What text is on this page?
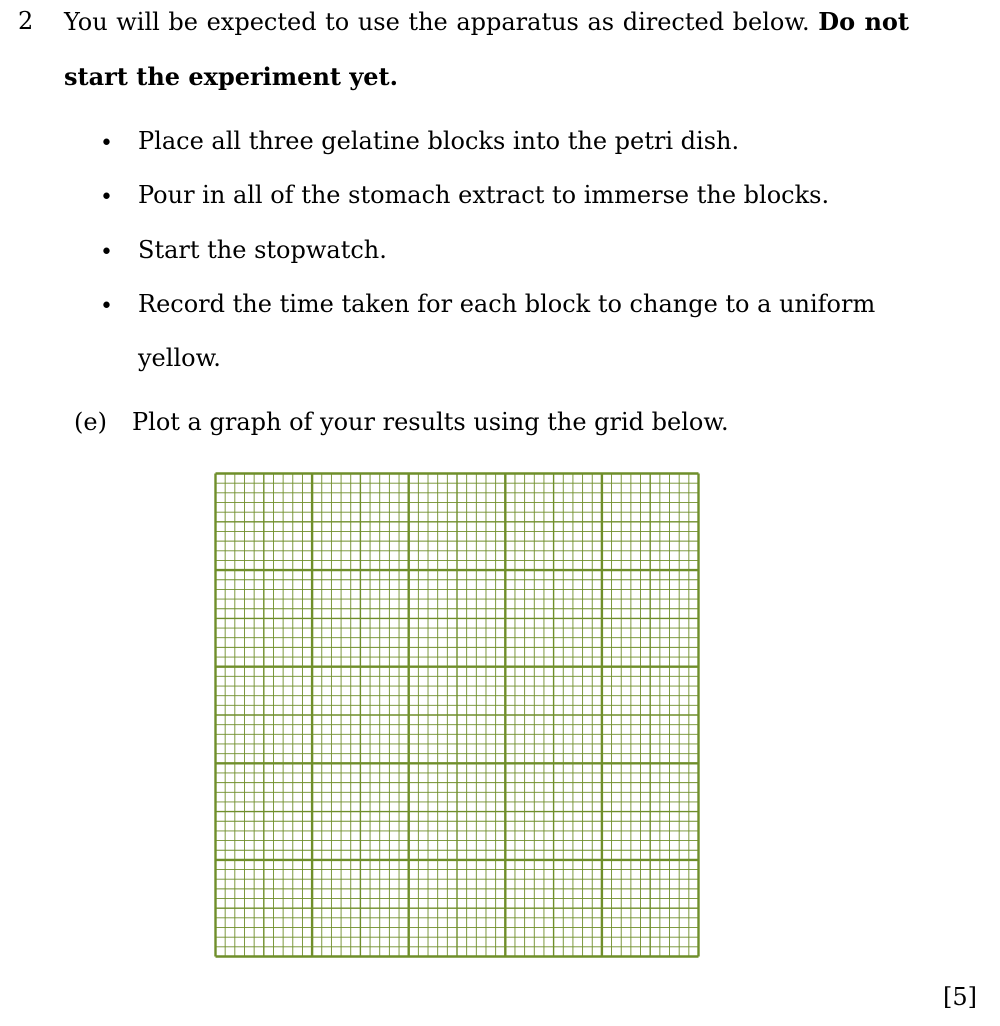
2 You will be expected to use the apparatus as directed below. Do not
start the experiment yet.
• Place all three gelatine blocks into the petri dish.
• Pour in all of the stomach extract to immerse the blocks.
• Start the stopwatch.
• Record the time taken for each block to change to a uniform
yellow.
(e) Plot a graph of your results using the grid below.
[5]
